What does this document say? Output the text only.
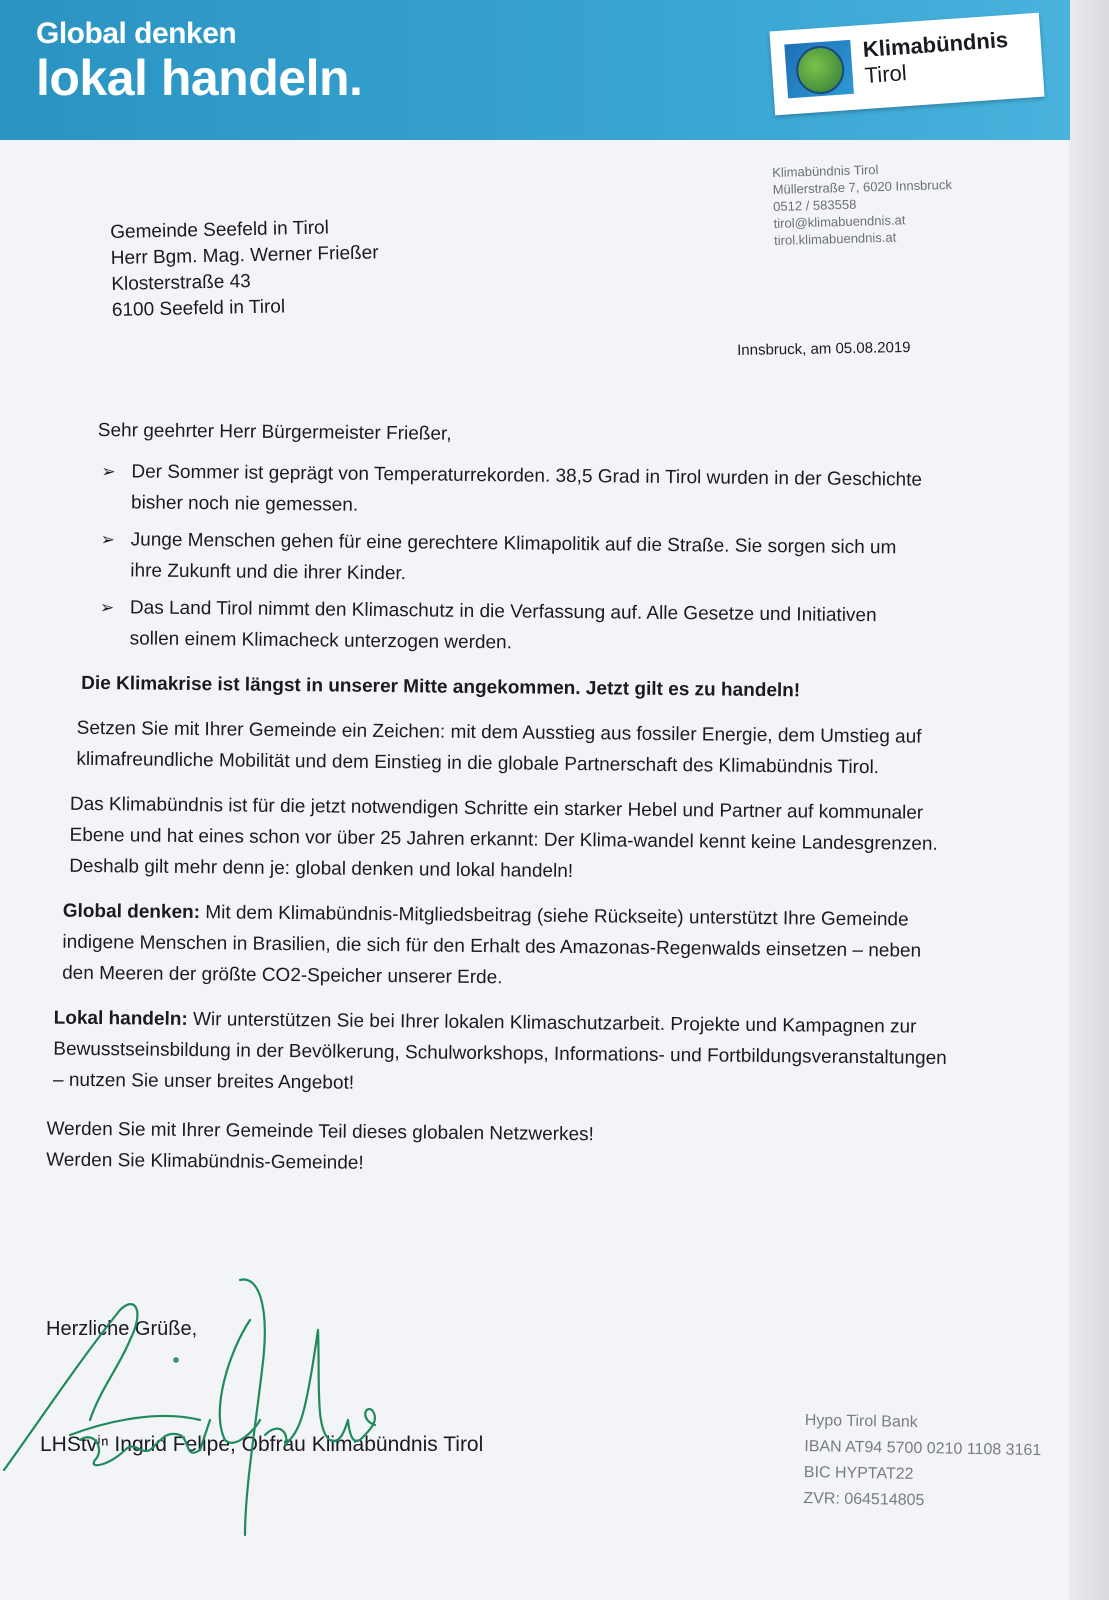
Global denken
lokal handeln.
Klimabündnis
Tirol
Klimabündnis Tirol
Müllerstraße 7, 6020 Innsbruck
0512 / 583558
tirol@klimabuendnis.at
tirol.klimabuendnis.at
Gemeinde Seefeld in Tirol
Herr Bgm. Mag. Werner Frießer
Klosterstraße 43
6100 Seefeld in Tirol
Innsbruck, am 05.08.2019
Sehr geehrter Herr Bürgermeister Frießer,
➢ Der Sommer ist geprägt von Temperaturrekorden. 38,5 Grad in Tirol wurden in der Geschichte bisher noch nie gemessen.
➢ Junge Menschen gehen für eine gerechtere Klimapolitik auf die Straße. Sie sorgen sich um ihre Zukunft und die ihrer Kinder.
➢ Das Land Tirol nimmt den Klimaschutz in die Verfassung auf. Alle Gesetze und Initiativen sollen einem Klimacheck unterzogen werden.
Die Klimakrise ist längst in unserer Mitte angekommen. Jetzt gilt es zu handeln!
Setzen Sie mit Ihrer Gemeinde ein Zeichen: mit dem Ausstieg aus fossiler Energie, dem Umstieg auf klimafreundliche Mobilität und dem Einstieg in die globale Partnerschaft des Klimabündnis Tirol.
Das Klimabündnis ist für die jetzt notwendigen Schritte ein starker Hebel und Partner auf kommunaler Ebene und hat eines schon vor über 25 Jahren erkannt: Der Klima-wandel kennt keine Landesgrenzen. Deshalb gilt mehr denn je: global denken und lokal handeln!
Global denken: Mit dem Klimabündnis-Mitgliedsbeitrag (siehe Rückseite) unterstützt Ihre Gemeinde indigene Menschen in Brasilien, die sich für den Erhalt des Amazonas-Regenwalds einsetzen – neben den Meeren der größte CO2-Speicher unserer Erde.
Lokal handeln: Wir unterstützen Sie bei Ihrer lokalen Klimaschutzarbeit. Projekte und Kampagnen zur Bewusstseinsbildung in der Bevölkerung, Schulworkshops, Informations- und Fortbildungsveranstaltungen – nutzen Sie unser breites Angebot!
Werden Sie mit Ihrer Gemeinde Teil dieses globalen Netzwerkes!
Werden Sie Klimabündnis-Gemeinde!
Herzliche Grüße,
LHStvⁱⁿ Ingrid Felipe, Obfrau Klimabündnis Tirol
Hypo Tirol Bank
IBAN AT94 5700 0210 1108 3161
BIC HYPTAT22
ZVR: 064514805
